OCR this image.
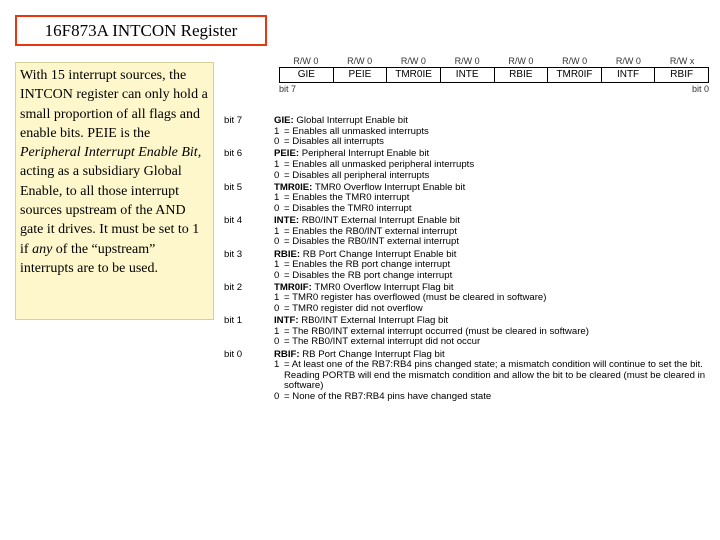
16F873A INTCON Register

With 15 interrupt sources, the INTCON register can only hold a small proportion of all flags and enable bits. PEIE is the Peripheral Interrupt Enable Bit, acting as a subsidiary Global Enable, to all those interrupt sources upstream of the AND gate it drives. It must be set to 1 if any of the “upstream” interrupts are to be used.

R/W 0	R/W 0	R/W 0	R/W 0	R/W 0	R/W 0	R/W 0	R/W x
GIE	PEIE	TMR0IE	INTE	RBIE	TMR0IF	INTF	RBIF
bit 7	bit 0
bit 7	GIE: Global Interrupt Enable bit
1 = Enables all unmasked interrupts
0 = Disables all interrupts
bit 6	PEIE: Peripheral Interrupt Enable bit
1 = Enables all unmasked peripheral interrupts
0 = Disables all peripheral interrupts
bit 5	TMR0IE: TMR0 Overflow Interrupt Enable bit
1 = Enables the TMR0 interrupt
0 = Disables the TMR0 interrupt
bit 4	INTE: RB0/INT External Interrupt Enable bit
1 = Enables the RB0/INT external interrupt
0 = Disables the RB0/INT external interrupt
bit 3	RBIE: RB Port Change Interrupt Enable bit
1 = Enables the RB port change interrupt
0 = Disables the RB port change interrupt
bit 2	TMR0IF: TMR0 Overflow Interrupt Flag bit
1 = TMR0 register has overflowed (must be cleared in software)
0 = TMR0 register did not overflow
bit 1	INTF: RB0/INT External Interrupt Flag bit
1 = The RB0/INT external interrupt occurred (must be cleared in software)
0 = The RB0/INT external interrupt did not occur
bit 0	RBIF: RB Port Change Interrupt Flag bit
1 = At least one of the RB7:RB4 pins changed state; a mismatch condition will continue to set the bit. Reading PORTB will end the mismatch condition and allow the bit to be cleared (must be cleared in software)
0 = None of the RB7:RB4 pins have changed state
